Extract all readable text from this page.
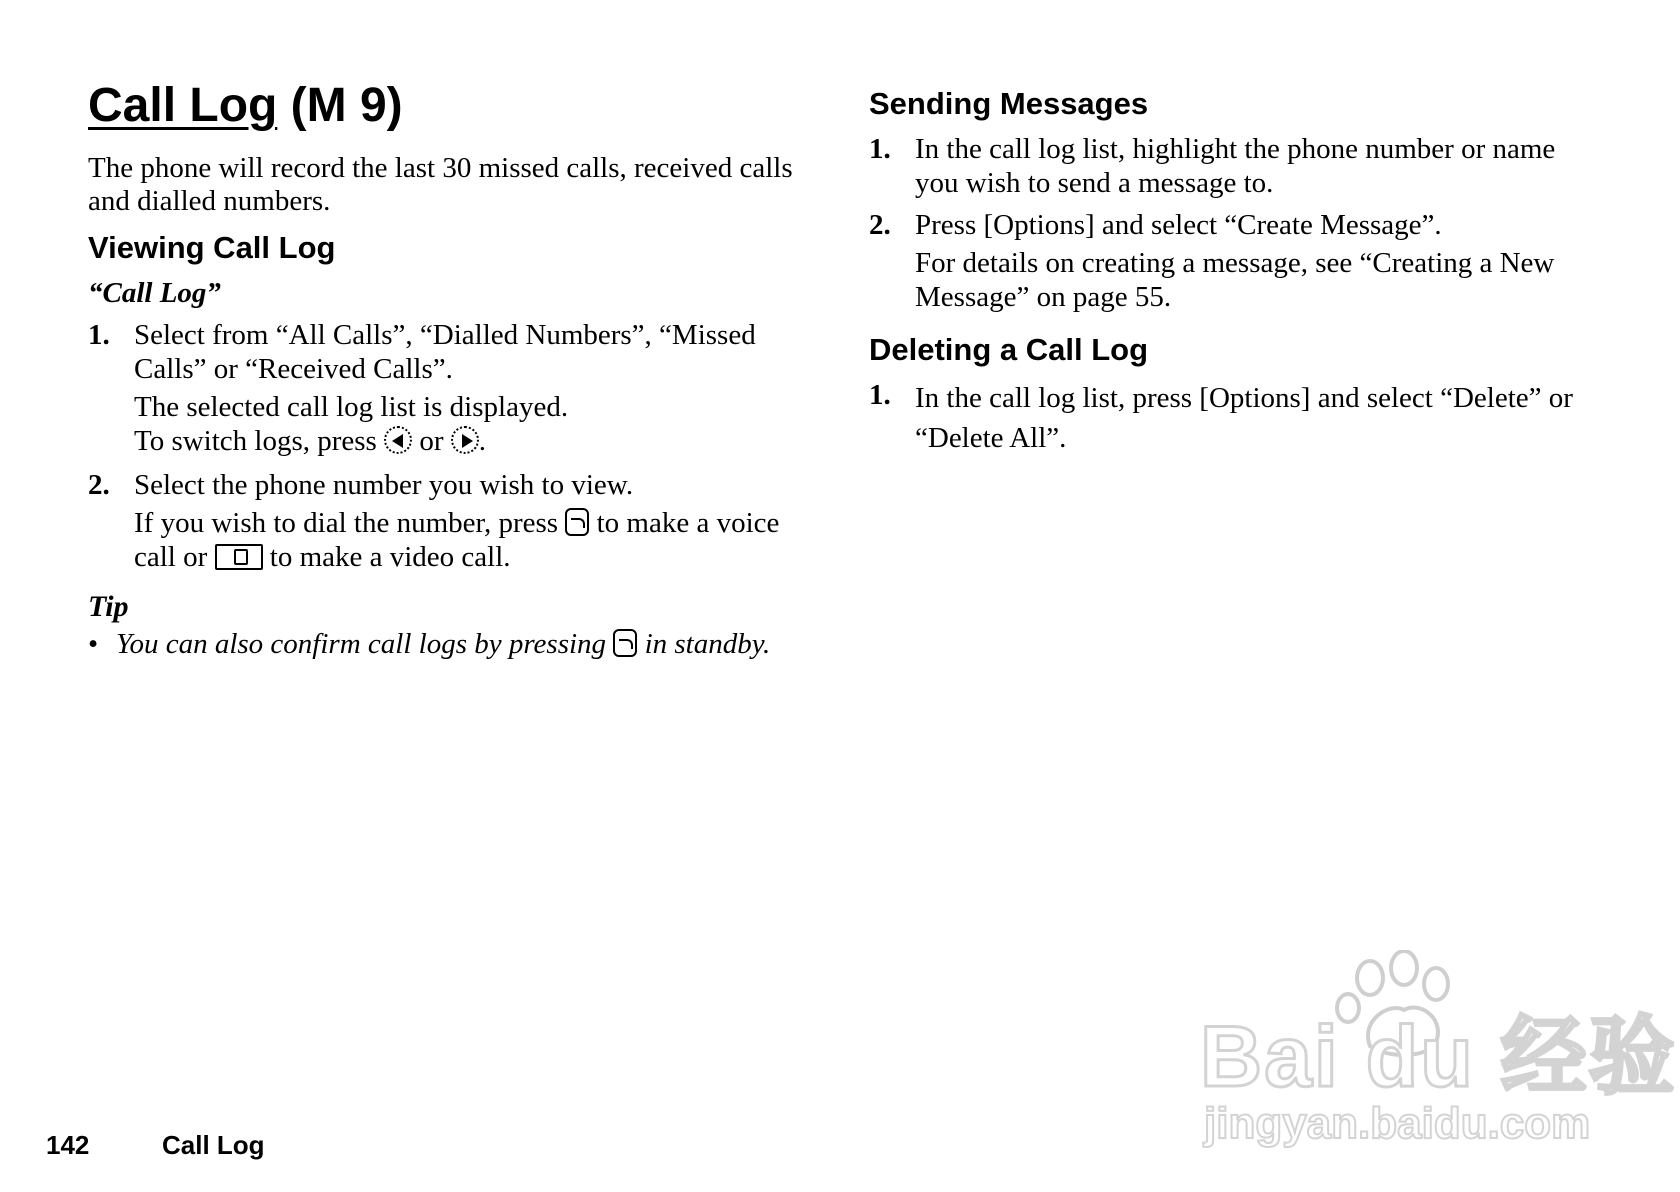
Call Log (M 9)
The phone will record the last 30 missed calls, received calls and dialled numbers.
Viewing Call Log
“Call Log”
1. Select from “All Calls”, “Dialled Numbers”, “Missed Calls” or “Received Calls”.

The selected call log list is displayed.

To switch logs, press or .

2. Select the phone number you wish to view.

If you wish to dial the number, press to make a voice call or to make a video call.

Tip
• You can also confirm call logs by pressing in standby.
Sending Messages
1. In the call log list, highlight the phone number or name you wish to send a message to.

2. Press [Options] and select “Create Message”.

For details on creating a message, see “Creating a New Message” on page 55.

Deleting a Call Log
1. In the call log list, press [Options] and select “Delete” or “Delete All”.

142	Call Log
Bai du 经验
jingyan.baidu.com
